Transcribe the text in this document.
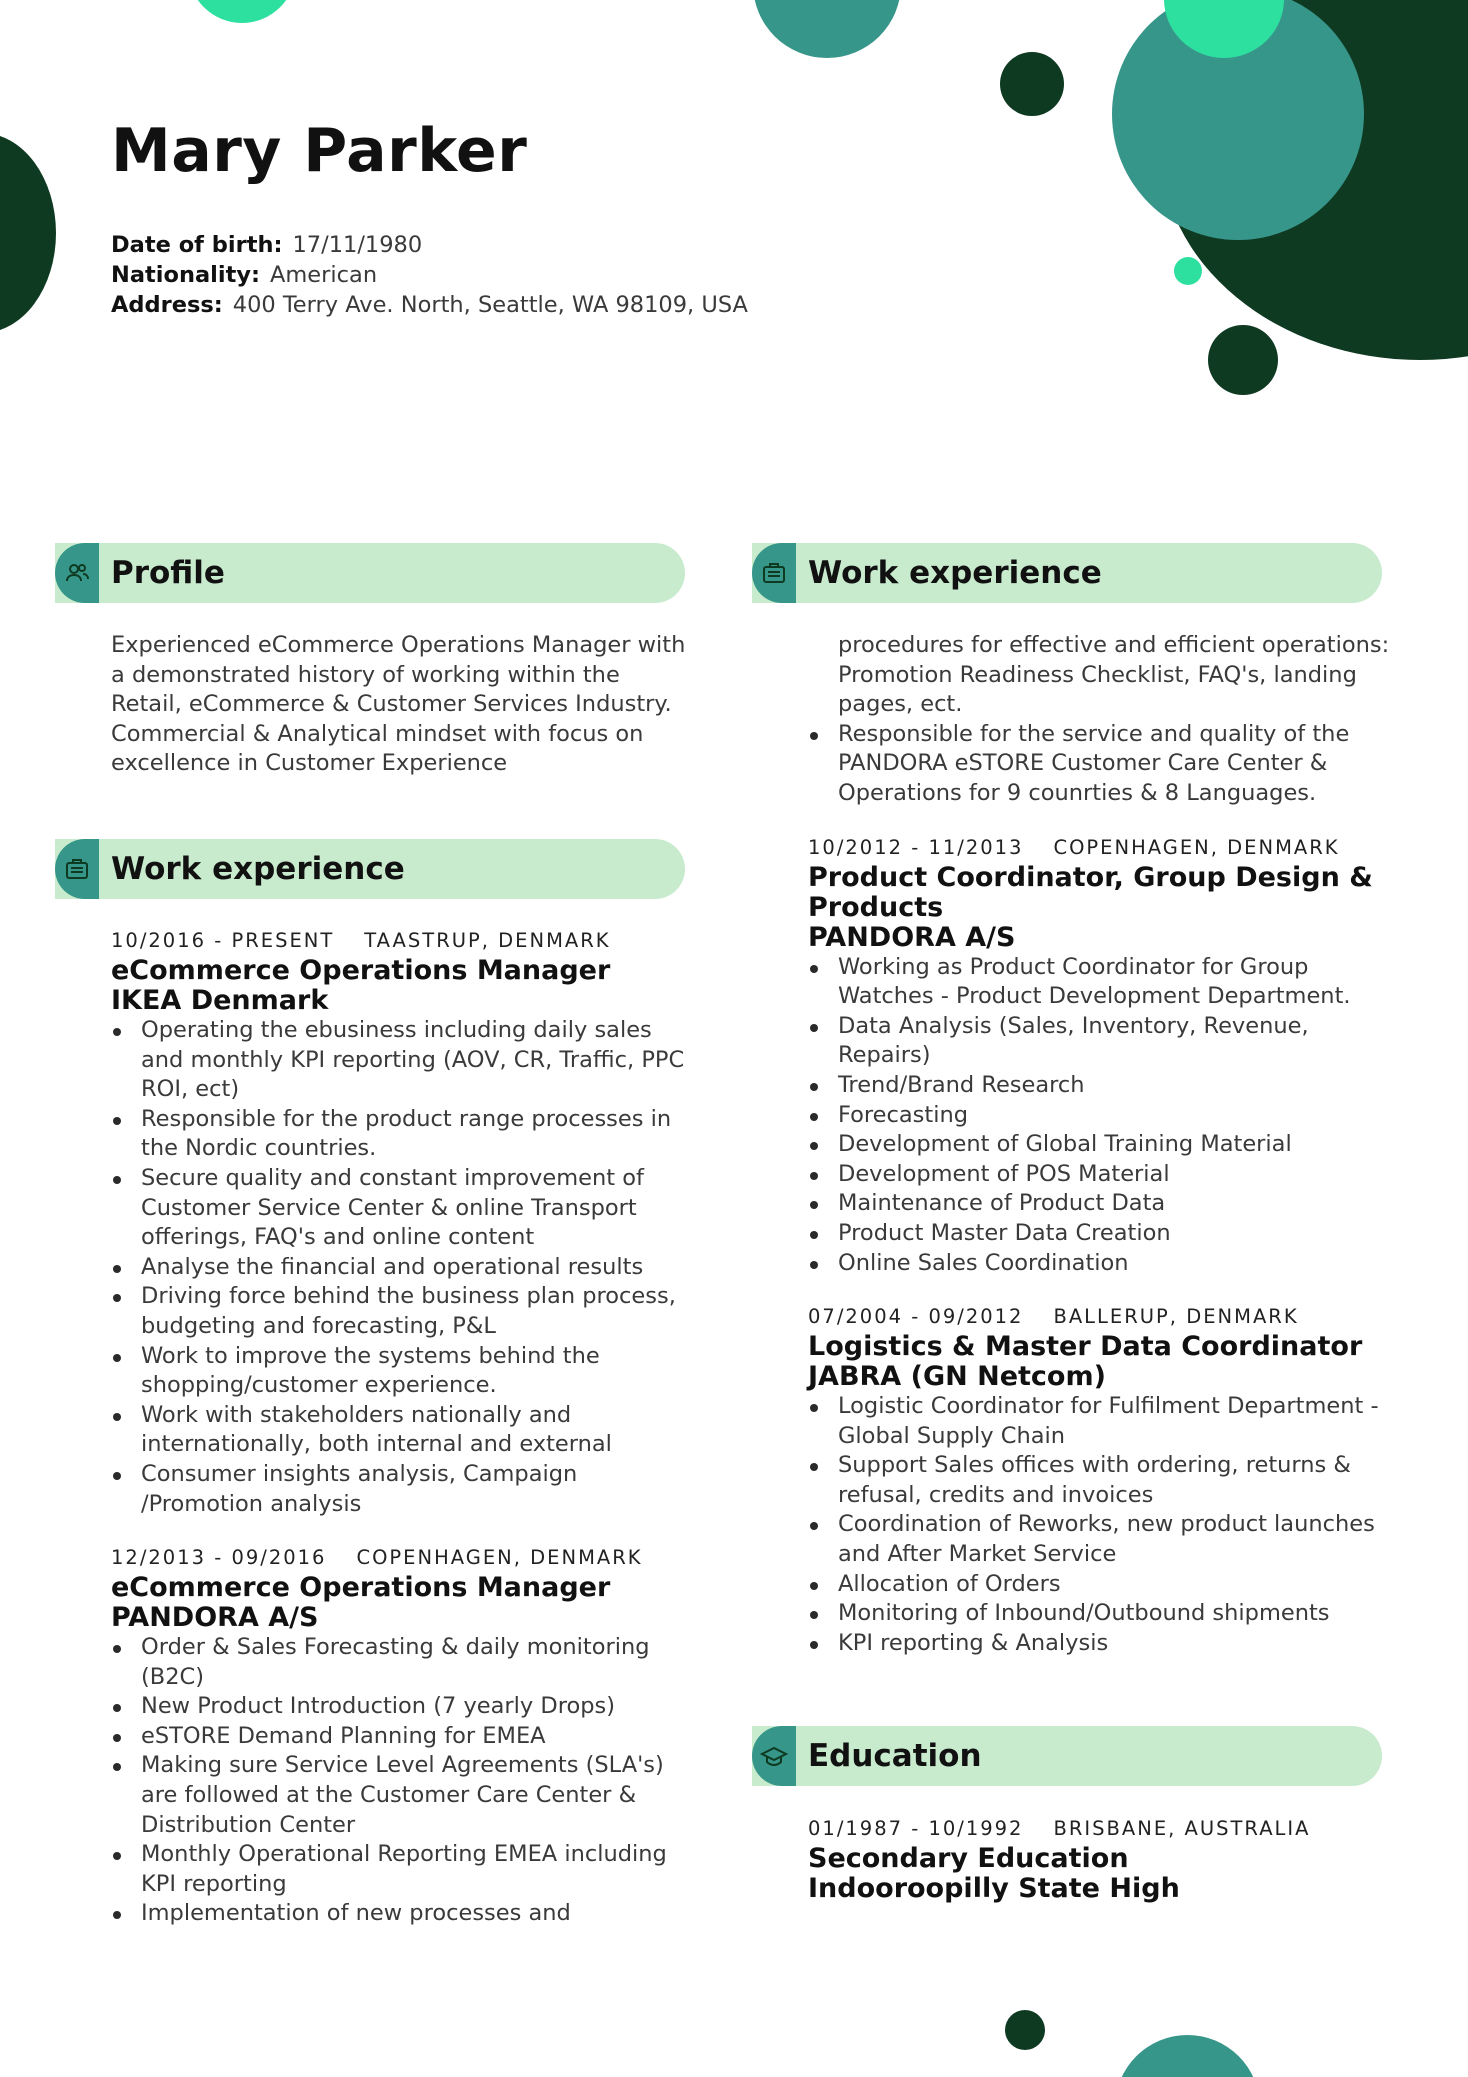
Mary Parker
Date of birth: 17/11/1980
Nationality: American
Address: 400 Terry Ave. North, Seattle, WA 98109, USA
Profile
Experienced eCommerce Operations Manager with a demonstrated history of working within the Retail, eCommerce & Customer Services Industry. Commercial & Analytical mindset with focus on excellence in Customer Experience
Work experience
10/2016 - PRESENT TAASTRUP, DENMARK
eCommerce Operations Manager
IKEA Denmark
Operating the ebusiness including daily sales and monthly KPI reporting (AOV, CR, Traffic, PPC ROI, ect)
Responsible for the product range processes in the Nordic countries.
Secure quality and constant improvement of Customer Service Center & online Transport offerings, FAQ's and online content
Analyse the financial and operational results
Driving force behind the business plan process, budgeting and forecasting, P&L
Work to improve the systems behind the shopping/customer experience.
Work with stakeholders nationally and internationally, both internal and external
Consumer insights analysis, Campaign /Promotion analysis
12/2013 - 09/2016 COPENHAGEN, DENMARK
eCommerce Operations Manager
PANDORA A/S
Order & Sales Forecasting & daily monitoring (B2C)
New Product Introduction (7 yearly Drops)
eSTORE Demand Planning for EMEA
Making sure Service Level Agreements (SLA's) are followed at the Customer Care Center & Distribution Center
Monthly Operational Reporting EMEA including KPI reporting
Implementation of new processes and
Work experience
procedures for effective and efficient operations: Promotion Readiness Checklist, FAQ's, landing pages, ect.
Responsible for the service and quality of the PANDORA eSTORE Customer Care Center & Operations for 9 counrties & 8 Languages.
10/2012 - 11/2013 COPENHAGEN, DENMARK
Product Coordinator, Group Design & Products
PANDORA A/S
Working as Product Coordinator for Group Watches - Product Development Department.
Data Analysis (Sales, Inventory, Revenue, Repairs)
Trend/Brand Research
Forecasting
Development of Global Training Material
Development of POS Material
Maintenance of Product Data
Product Master Data Creation
Online Sales Coordination
07/2004 - 09/2012 BALLERUP, DENMARK
Logistics & Master Data Coordinator
JABRA (GN Netcom)
Logistic Coordinator for Fulfilment Department - Global Supply Chain
Support Sales offices with ordering, returns & refusal, credits and invoices
Coordination of Reworks, new product launches and After Market Service
Allocation of Orders
Monitoring of Inbound/Outbound shipments
KPI reporting & Analysis
Education
01/1987 - 10/1992 BRISBANE, AUSTRALIA
Secondary Education
Indooroopilly State High
